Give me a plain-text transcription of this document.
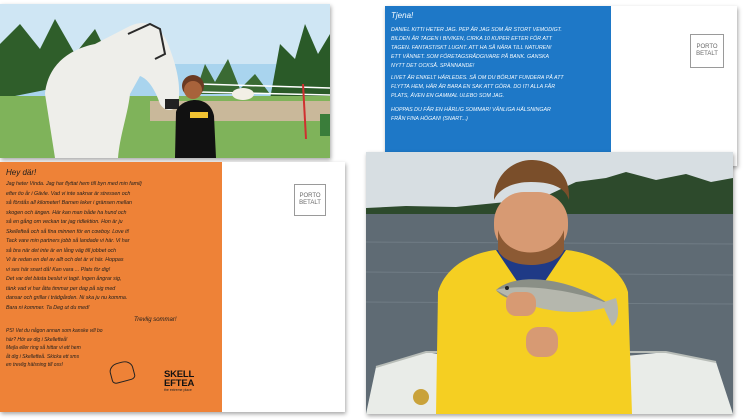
Tjena!
DANIEL KITTI HETER JAG. PEP ÄR JAG SOM ÄR STORT VEMODIGT.
BILDEN ÄR TAGEN I BIVIKEN, CIRKA 10 KUPER EFTER FÖR ATT
TAGEN. FANTASTISKT LUGNT. ATT HA SÅ NÄRA TILL NATUREN!
ETT VÄNNET. SOM FÖRETAGSRÅDGIVARE PÅ BANK. GANSKA
NYTT DET OCKSÅ. SPÄNNANDE!
LIVET ÄR ENKELT HÄRLEDES. SÅ OM DU BÖRJAT FUNDERA PÅ ATT
FLYTTA HEM, HÄR ÄR BARA EN SAK ATT GÖRA. DO IT! ALLA FÅR
PLATS, ÄVEN EN GAMMAL ULEBO SOM JAG.
HOPPAS DU FÅR EN HÄRLIG SOMMAR! VÄNLIGA HÄLSNINGAR
FRÅN FINA HÖGAN! (SNART...)
PORTO
BETALT
Hey där!
Jag heter Vinda. Jag har flyttat hem till byn med min familj
efter tio år i Gävle. Vad vi inte saknar är stressen och
så förstås all kilometer! Barnen leker i gränsen mellan
skogen och ängen. Här kan man både ha hund och
så en gång om veckan tar jag ridlektion. Hon är ju
Skellefteå och så fina minnen för en cowboy. Love it!
Tack vare min partners jobb så landade vi här. Vi har
så bra när det inte är en lång väg till jobbet och
Vi är redan en del av allt och det är vi här. Hoppas
vi ses här snart då! Kan vara ... Plats för dig!
Det var det bästa beslut vi tagit. Ingen ångrar sig,
tänk vad vi har åtta timmar per dag på sig med
dansar och grillar i trädgården. Ni ska ju nu komma.
Bara ni kommer. Ta Deg ut du med!
Trevlig sommar!
PS! Vet du någon annan som kanske vill bo
här? Hör av dig i Skellefteå!
Mejla eller ring så hittar vi ett hem
åt dig i Skellefteå. Skicka ett sms
en trevlig hälsning till oss!
SKELL
EFTEA
the extreme place
PORTO
BETALT
